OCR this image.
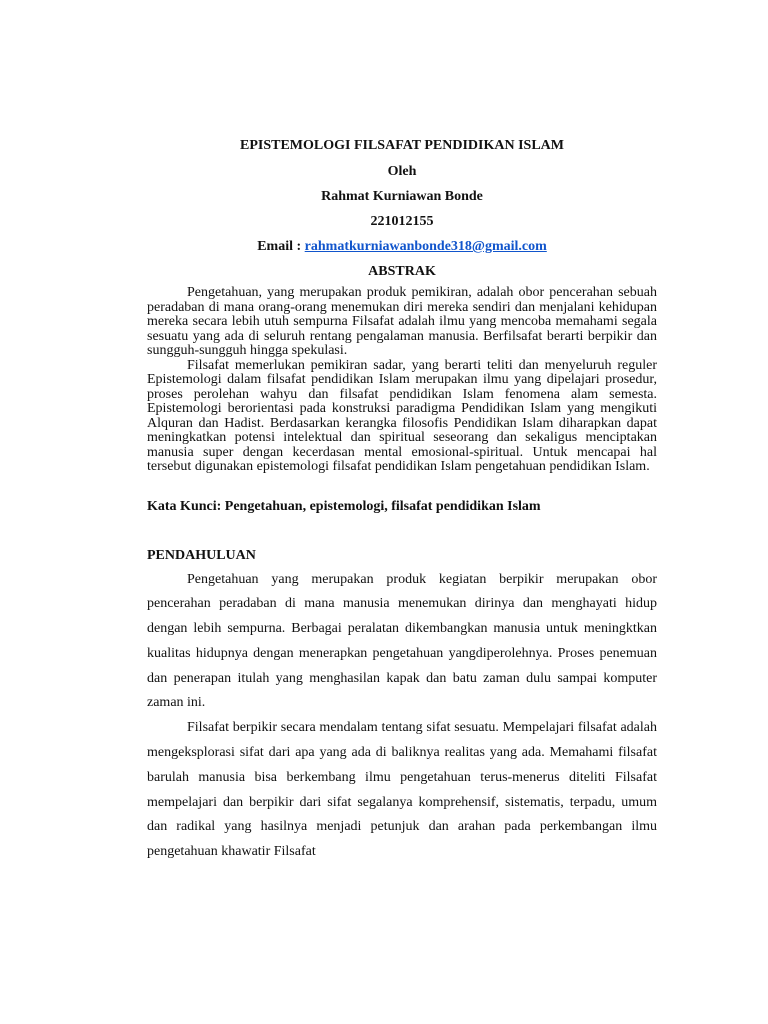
EPISTEMOLOGI FILSAFAT PENDIDIKAN ISLAM
Oleh
Rahmat Kurniawan Bonde
221012155
Email : rahmatkurniawanbonde318@gmail.com
ABSTRAK

Pengetahuan, yang merupakan produk pemikiran, adalah obor pencerahan sebuah peradaban di mana orang-orang menemukan diri mereka sendiri dan menjalani kehidupan mereka secara lebih utuh sempurna Filsafat adalah ilmu yang mencoba memahami segala sesuatu yang ada di seluruh rentang pengalaman manusia. Berfilsafat berarti berpikir dan sungguh-sungguh hingga spekulasi.

Filsafat memerlukan pemikiran sadar, yang berarti teliti dan menyeluruh reguler Epistemologi dalam filsafat pendidikan Islam merupakan ilmu yang dipelajari prosedur, proses perolehan wahyu dan filsafat pendidikan Islam fenomena alam semesta. Epistemologi berorientasi pada konstruksi paradigma Pendidikan Islam yang mengikuti Alquran dan Hadist. Berdasarkan kerangka filosofis Pendidikan Islam diharapkan dapat meningkatkan potensi intelektual dan spiritual seseorang dan sekaligus menciptakan manusia super dengan kecerdasan mental emosional-spiritual. Untuk mencapai hal tersebut digunakan epistemologi filsafat pendidikan Islam pengetahuan pendidikan Islam.

Kata Kunci: Pengetahuan, epistemologi, filsafat pendidikan Islam
PENDAHULUAN

Pengetahuan yang merupakan produk kegiatan berpikir merupakan obor pencerahan peradaban di mana manusia menemukan dirinya dan menghayati hidup dengan lebih sempurna. Berbagai peralatan dikembangkan manusia untuk meningktkan kualitas hidupnya dengan menerapkan pengetahuan yangdiperolehnya. Proses penemuan dan penerapan itulah yang menghasilan kapak dan batu zaman dulu sampai komputer zaman ini.

Filsafat berpikir secara mendalam tentang sifat sesuatu. Mempelajari filsafat adalah mengeksplorasi sifat dari apa yang ada di baliknya realitas yang ada. Memahami filsafat barulah manusia bisa berkembang ilmu pengetahuan terus-menerus diteliti Filsafat mempelajari dan berpikir dari sifat segalanya komprehensif, sistematis, terpadu, umum dan radikal yang hasilnya menjadi petunjuk dan arahan pada perkembangan ilmu pengetahuan khawatir Filsafat
